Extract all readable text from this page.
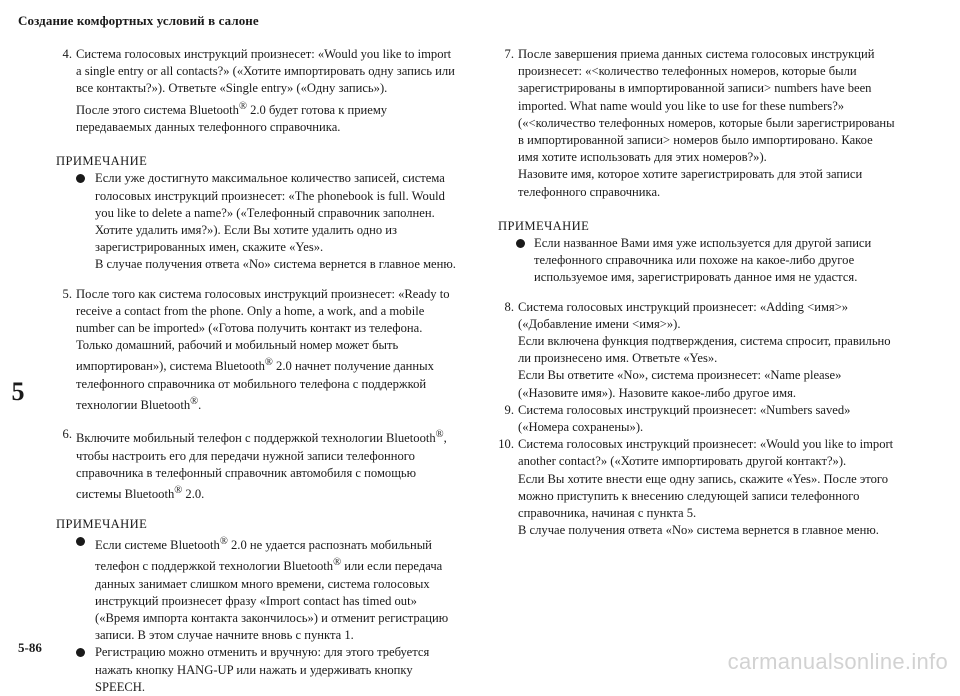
Создание комфортных условий в салоне
5
4. Система голосовых инструкций произнесет: «Would you like to import a single entry or all contacts?» («Хотите импортировать одну запись или все контакты?»). Ответьте «Single entry» («Одну запись»).

После этого система Bluetooth® 2.0 будет готова к приему передаваемых данных телефонного справочника.

ПРИМЕЧАНИЕ

Если уже достигнуто максимальное количество записей, система голосовых инструкций произнесет: «The phonebook is full. Would you like to delete a name?» («Телефонный справочник заполнен. Хотите удалить имя?»). Если Вы хотите удалить одно из зарегистрированных имен, скажите «Yes».

В случае получения ответа «No» система вернется в главное меню.

5. После того как система голосовых инструкций произнесет: «Ready to receive a contact from the phone. Only a home, a work, and a mobile number can be imported» («Готова получить контакт из телефона. Только домашний, рабочий и мобильный номер может быть импортирован»), система Bluetooth® 2.0 начнет получение данных телефонного справочника от мобильного телефона с поддержкой технологии Bluetooth®.

6. Включите мобильный телефон с поддержкой технологии Bluetooth®, чтобы настроить его для передачи нужной записи телефонного справочника в телефонный справочник автомобиля с помощью системы Bluetooth® 2.0.

ПРИМЕЧАНИЕ

Если системе Bluetooth® 2.0 не удается распознать мобильный телефон с поддержкой технологии Bluetooth® или если передача данных занимает слишком много времени, система голосовых инструкций произнесет фразу «Import contact has timed out» («Время импорта контакта закончилось») и отменит регистрацию записи. В этом случае начните вновь с пункта 1.

Регистрацию можно отменить и вручную: для этого требуется нажать кнопку HANG-UP или нажать и удерживать кнопку SPEECH.

7. После завершения приема данных система голосовых инструкций произнесет: «<количество телефонных номеров, которые были зарегистрированы в импортированной записи> numbers have been imported. What name would you like to use for these numbers?» («<количество телефонных номеров, которые были зарегистрированы в импортированной записи> номеров было импортировано. Какое имя хотите использовать для этих номеров?»).

Назовите имя, которое хотите зарегистрировать для этой записи телефонного справочника.

ПРИМЕЧАНИЕ

Если названное Вами имя уже используется для другой записи телефонного справочника или похоже на какое-либо другое используемое имя, зарегистрировать данное имя не удастся.

8. Система голосовых инструкций произнесет: «Adding <имя>» («Добавление имени <имя>»).

Если включена функция подтверждения, система спросит, правильно ли произнесено имя. Ответьте «Yes».

Если Вы ответите «No», система произнесет: «Name please» («Назовите имя»). Назовите какое-либо другое имя.

9. Система голосовых инструкций произнесет: «Numbers saved» («Номера сохранены»).

10. Система голосовых инструкций произнесет: «Would you like to import another contact?» («Хотите импортировать другой контакт?»).

Если Вы хотите внести еще одну запись, скажите «Yes». После этого можно приступить к внесению следующей записи телефонного справочника, начиная с пункта 5.

В случае получения ответа «No» система вернется в главное меню.

5-86
carmanualsonline.info
